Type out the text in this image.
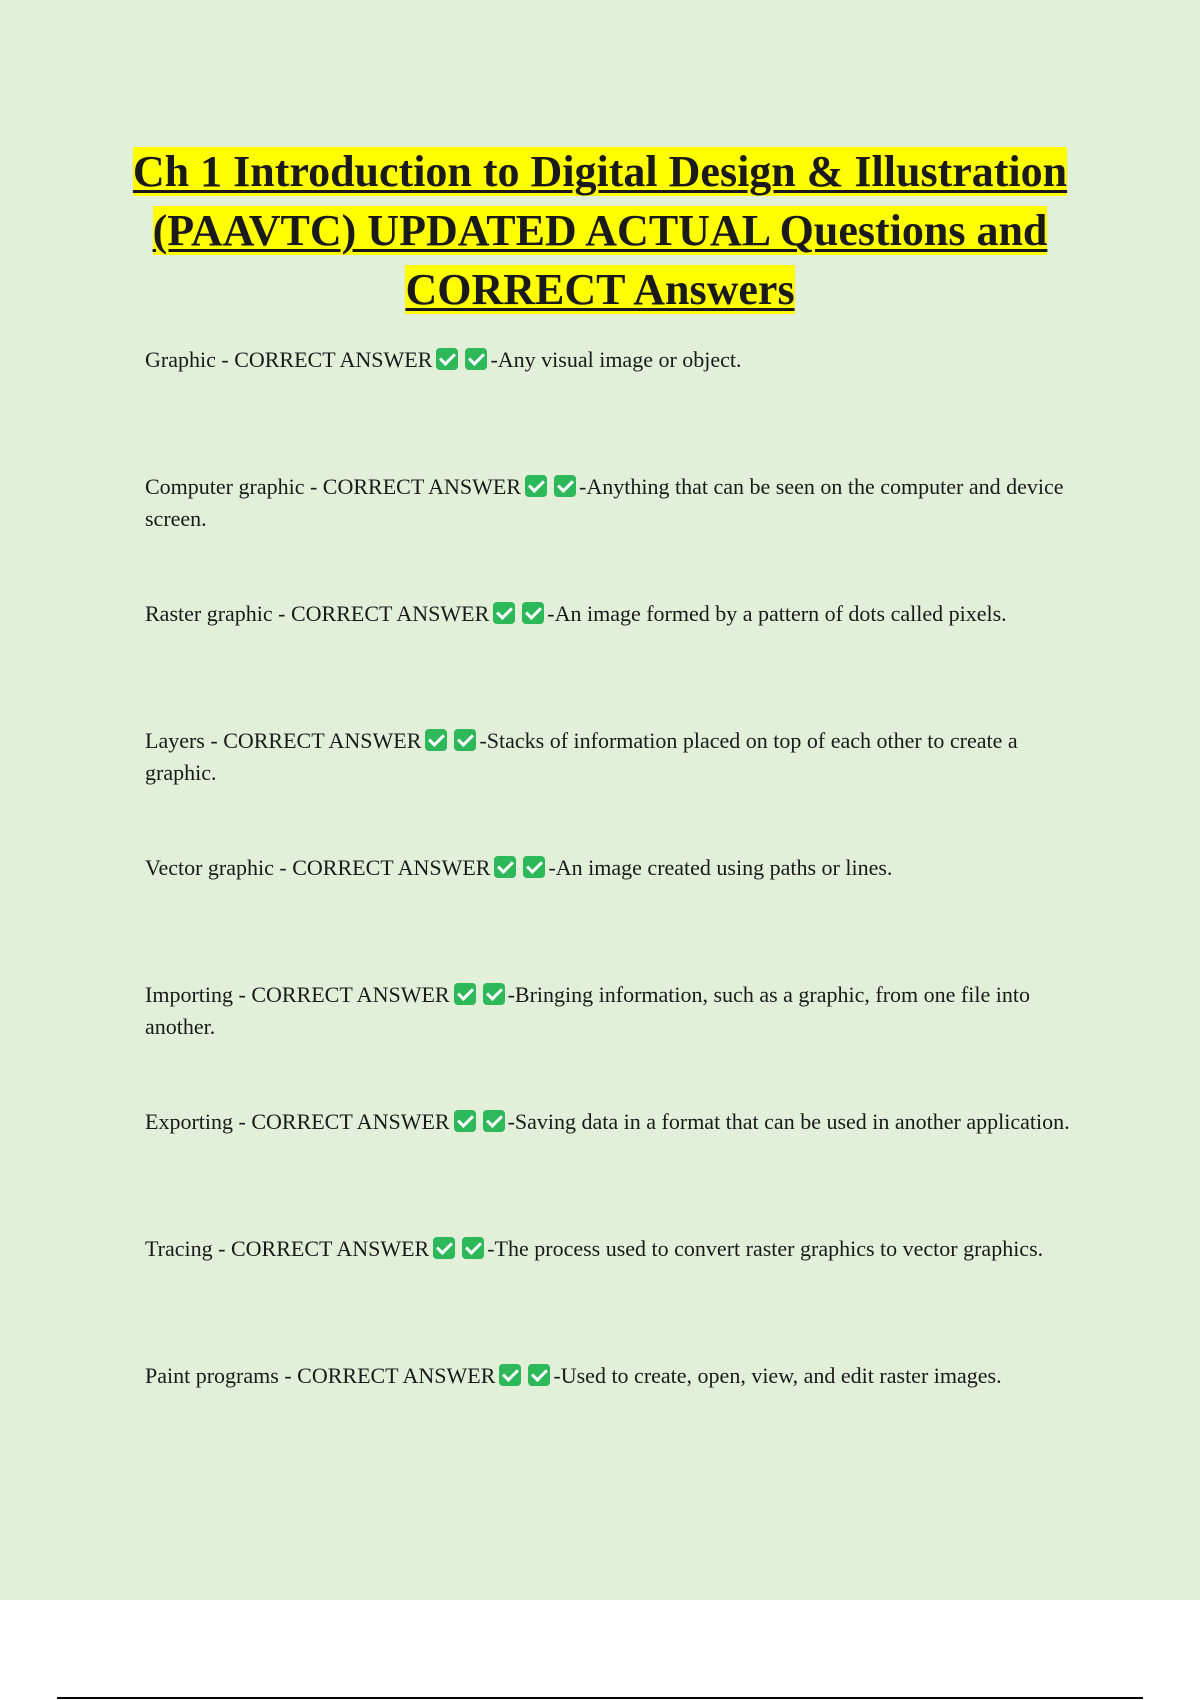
Ch 1 Introduction to Digital Design & Illustration (PAAVTC) UPDATED ACTUAL Questions and CORRECT Answers
Graphic - CORRECT ANSWER	-Any visual image or object.
Computer graphic - CORRECT ANSWER	-Anything that can be seen on the computer and device screen.
Raster graphic - CORRECT ANSWER	-An image formed by a pattern of dots called pixels.
Layers - CORRECT ANSWER	-Stacks of information placed on top of each other to create a graphic.
Vector graphic - CORRECT ANSWER	-An image created using paths or lines.
Importing - CORRECT ANSWER	-Bringing information, such as a graphic, from one file into another.
Exporting - CORRECT ANSWER	-Saving data in a format that can be used in another application.
Tracing - CORRECT ANSWER	-The process used to convert raster graphics to vector graphics.
Paint programs - CORRECT ANSWER	-Used to create, open, view, and edit raster images.
